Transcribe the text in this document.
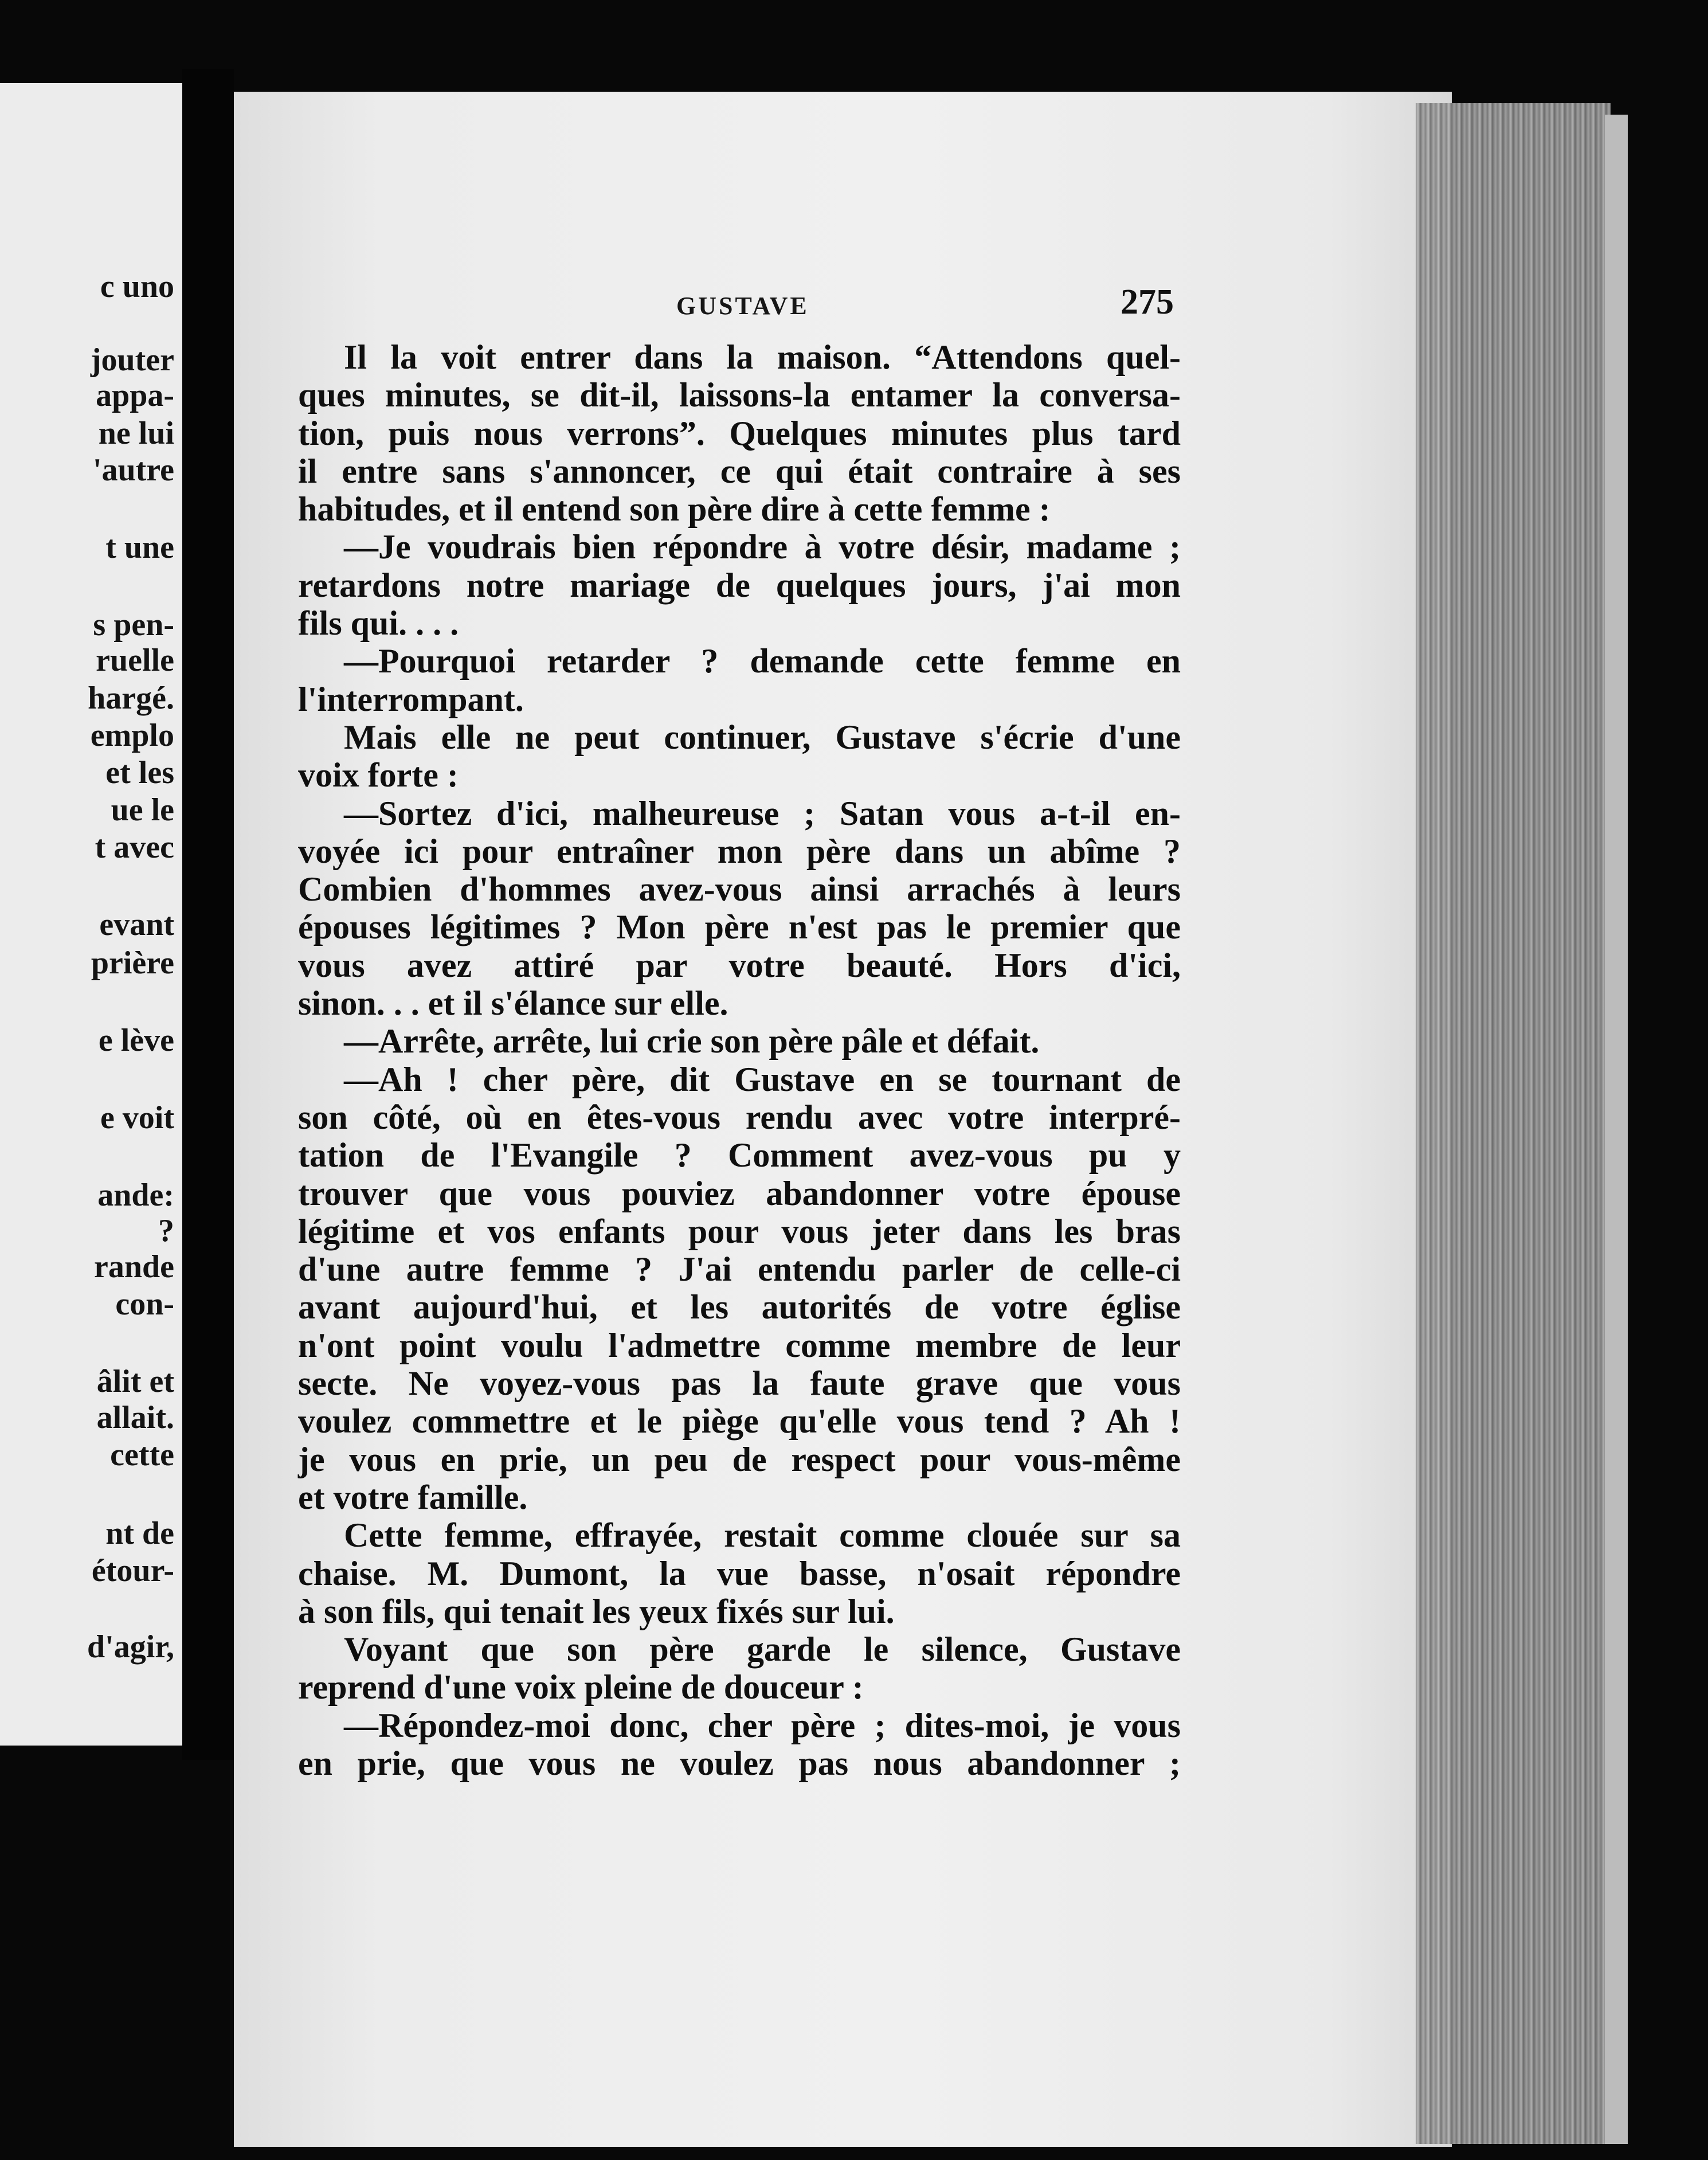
c uno
jouter
appa-
ne lui
'autre
t une
s pen-
ruelle
hargé.
emplo
et les
ue le
t avec
evant
prière
e lève
e voit
ande:
?
rande
con-
âlit et
allait.
cette
nt de
étour-
d'agir,
GUSTAVE	275
Il la voit entrer dans la maison. “Attendons quel-
ques minutes, se dit-il, laissons-la entamer la conversa-
tion, puis nous verrons”. Quelques minutes plus tard
il entre sans s'annoncer, ce qui était contraire à ses
habitudes, et il entend son père dire à cette femme :
—Je voudrais bien répondre à votre désir, madame ;
retardons notre mariage de quelques jours, j'ai mon
fils qui. . . .
—Pourquoi retarder ? demande cette femme en
l'interrompant.
Mais elle ne peut continuer, Gustave s'écrie d'une
voix forte :
—Sortez d'ici, malheureuse ; Satan vous a-t-il en-
voyée ici pour entraîner mon père dans un abîme ?
Combien d'hommes avez-vous ainsi arrachés à leurs
épouses légitimes ? Mon père n'est pas le premier que
vous avez attiré par votre beauté. Hors d'ici,
sinon. . . et il s'élance sur elle.
—Arrête, arrête, lui crie son père pâle et défait.
—Ah ! cher père, dit Gustave en se tournant de
son côté, où en êtes-vous rendu avec votre interpré-
tation de l'Evangile ? Comment avez-vous pu y
trouver que vous pouviez abandonner votre épouse
légitime et vos enfants pour vous jeter dans les bras
d'une autre femme ? J'ai entendu parler de celle-ci
avant aujourd'hui, et les autorités de votre église
n'ont point voulu l'admettre comme membre de leur
secte. Ne voyez-vous pas la faute grave que vous
voulez commettre et le piège qu'elle vous tend ? Ah !
je vous en prie, un peu de respect pour vous-même
et votre famille.
Cette femme, effrayée, restait comme clouée sur sa
chaise. M. Dumont, la vue basse, n'osait répondre
à son fils, qui tenait les yeux fixés sur lui.
Voyant que son père garde le silence, Gustave
reprend d'une voix pleine de douceur :
—Répondez-moi donc, cher père ; dites-moi, je vous
en prie, que vous ne voulez pas nous abandonner ;
